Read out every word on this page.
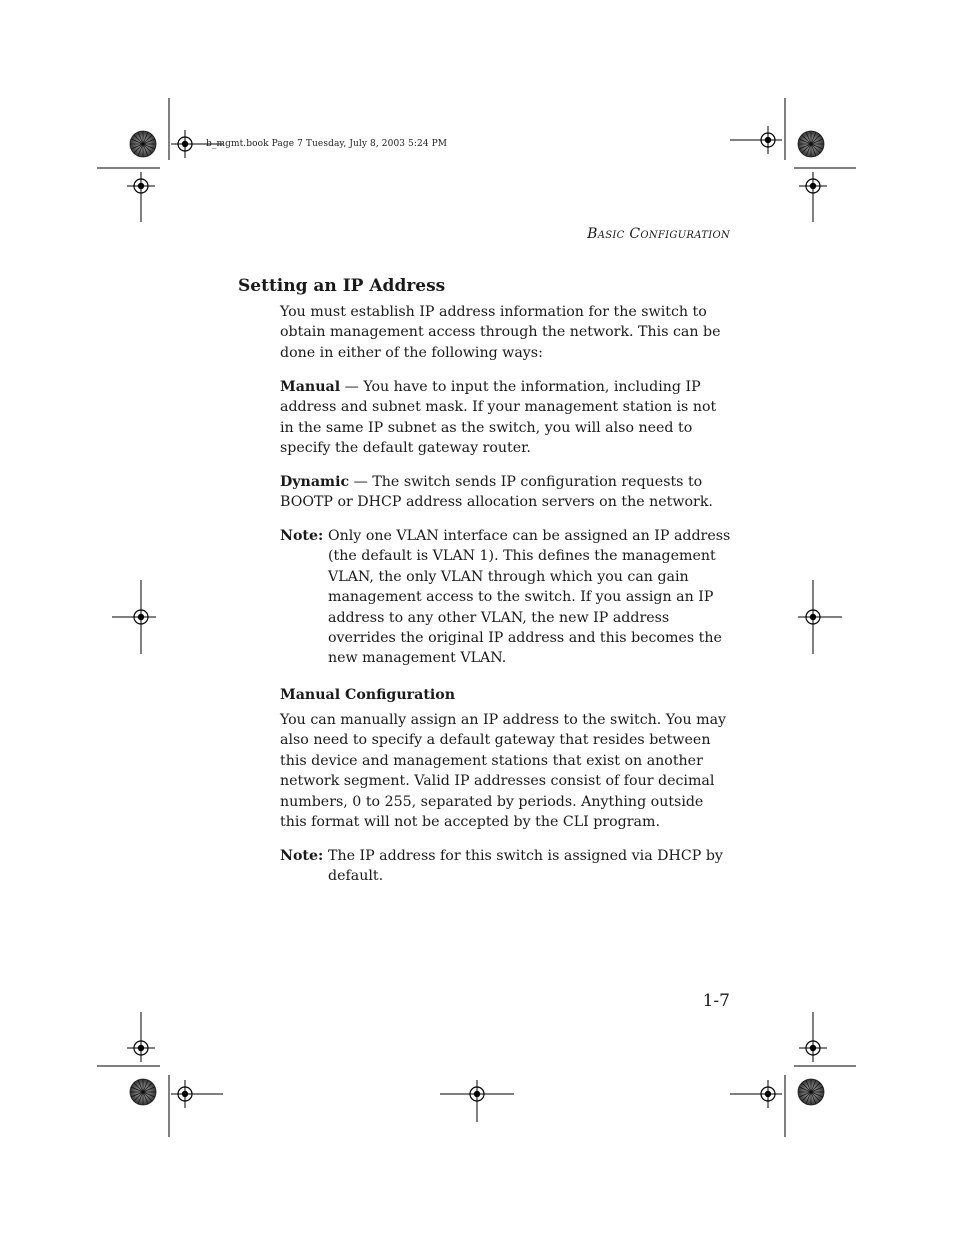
b_mgmt.book Page 7 Tuesday, July 8, 2003 5:24 PM
Basic Configuration
Setting an IP Address

You must establish IP address information for the switch to obtain management access through the network. This can be done in either of the following ways:

Manual — You have to input the information, including IP address and subnet mask. If your management station is not in the same IP subnet as the switch, you will also need to specify the default gateway router.

Dynamic — The switch sends IP configuration requests to BOOTP or DHCP address allocation servers on the network.

Note: Only one VLAN interface can be assigned an IP address (the default is VLAN 1). This defines the management VLAN, the only VLAN through which you can gain management access to the switch. If you assign an IP address to any other VLAN, the new IP address overrides the original IP address and this becomes the new management VLAN.

Manual Configuration

You can manually assign an IP address to the switch. You may also need to specify a default gateway that resides between this device and management stations that exist on another network segment. Valid IP addresses consist of four decimal numbers, 0 to 255, separated by periods. Anything outside this format will not be accepted by the CLI program.

Note: The IP address for this switch is assigned via DHCP by default.

1-7
